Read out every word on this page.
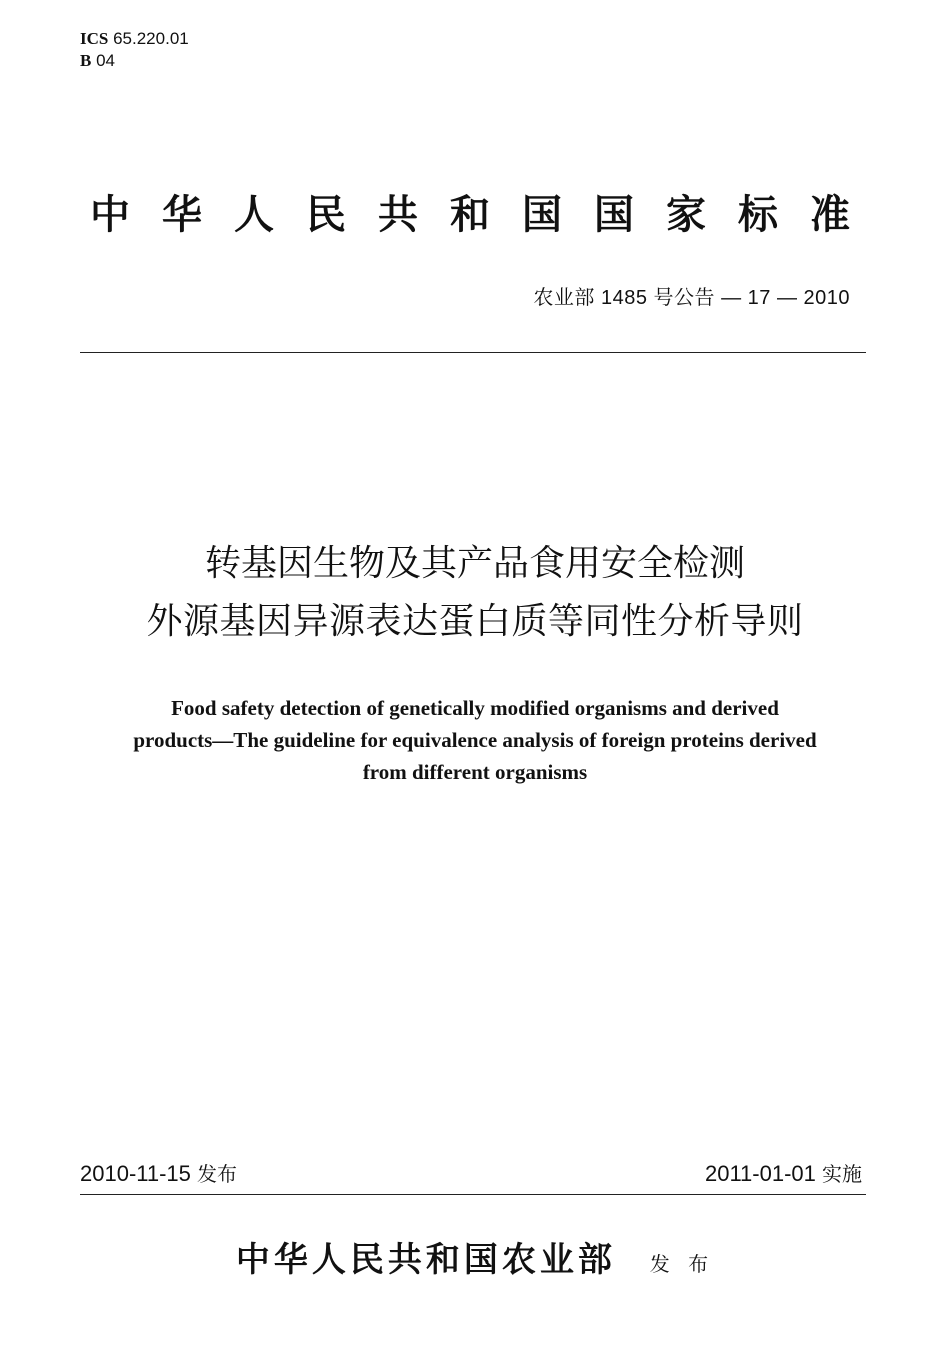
ICS 65.220.01
B 04
中 华 人 民 共 和 国 国 家 标 准
农业部 1485 号公告 — 17 — 2010
转基因生物及其产品食用安全检测
外源基因异源表达蛋白质等同性分析导则
Food safety detection of genetically modified organisms and derived
products—The guideline for equivalence analysis of foreign proteins derived
from different organisms
2010-11-15 发布	2011-01-01 实施
中华人民共和国农业部 发 布
